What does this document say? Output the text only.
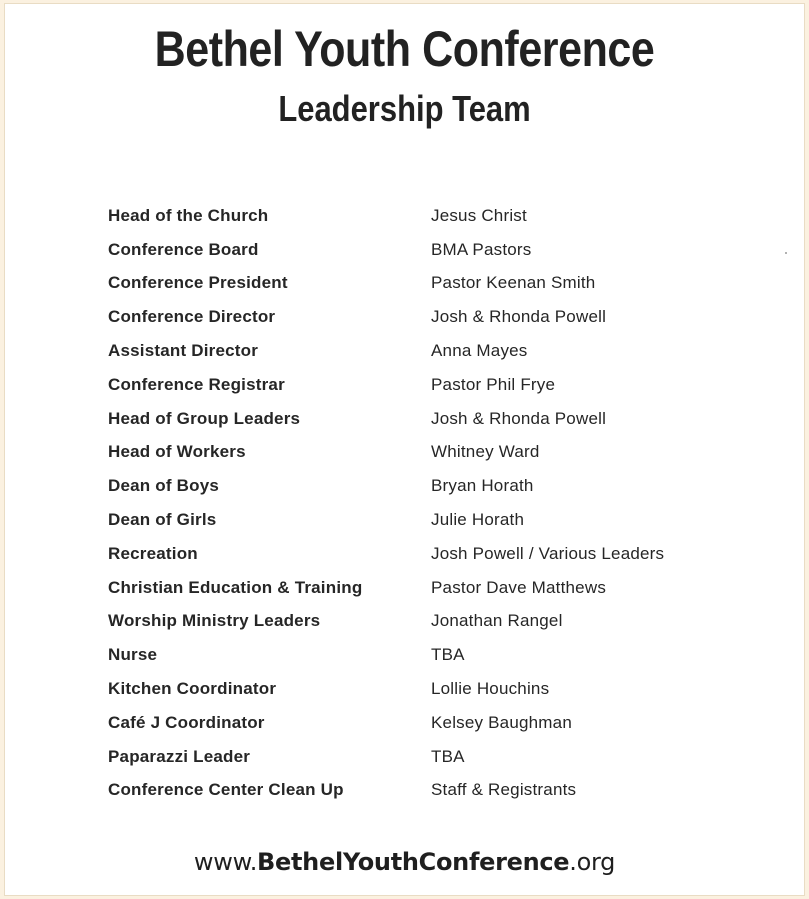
Bethel Youth Conference
Leadership Team
Head of the Church	Jesus Christ
Conference Board	BMA Pastors
Conference President	Pastor Keenan Smith
Conference Director	Josh & Rhonda Powell
Assistant Director	Anna Mayes
Conference Registrar	Pastor Phil Frye
Head of Group Leaders	Josh & Rhonda Powell
Head of Workers	Whitney Ward
Dean of Boys	Bryan Horath
Dean of Girls	Julie Horath
Recreation	Josh Powell / Various Leaders
Christian Education & Training	Pastor Dave Matthews
Worship Ministry Leaders	Jonathan Rangel
Nurse	TBA
Kitchen Coordinator	Lollie Houchins
Café J Coordinator	Kelsey Baughman
Paparazzi Leader	TBA
Conference Center Clean Up	Staff & Registrants

www.BethelYouthConference.org
